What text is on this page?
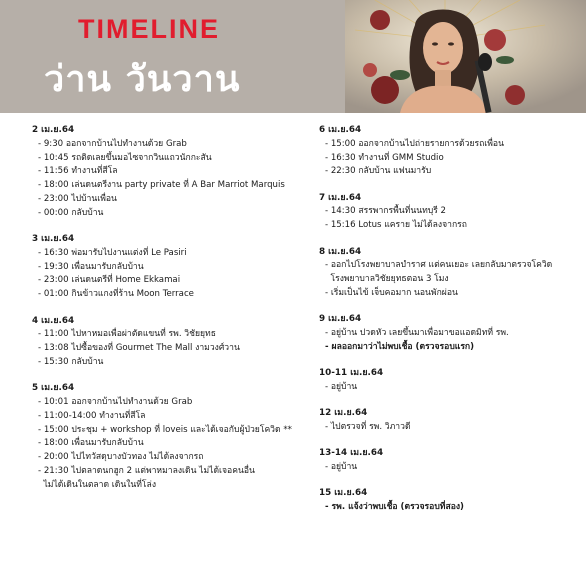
TIMELINE
ว่าน วันวาน
2 เม.ย.64
- 9:30 ออกจากบ้านไปทำงานด้วย Grab
- 10:45 รถติดเลยขึ้นมอไซจากวินแถวนักกะสัน
- 11:56 ทำงานที่สีโล
- 18:00 เล่นดนตรีงาน party private ที่ A Bar Marriot Marquis
- 23:00 ไปบ้านเพื่อน
- 00:00 กลับบ้าน
3 เม.ย.64
- 16:30 พ่อมารับไปงานแต่งที่ Le Pasiri
- 19:30 เพื่อนมารับกลับบ้าน
- 23:00 เล่นดนตรีที่ Home Ekkamai
- 01:00 กินข้าวแกงที่ร้าน Moon Terrace
4 เม.ย.64
- 11:00 ไปหาหมอเพื่อผ่าตัดแขนที่ รพ. วิชัยยุทธ
- 13:08 ไปซื้อของที่ Gourmet The Mall งามวงศ์วาน
- 15:30 กลับบ้าน
5 เม.ย.64
- 10:01 ออกจากบ้านไปทำงานด้วย Grab
- 11:00-14:00 ทำงานที่สีโล
- 15:00 ประชุม + workshop ที่ loveis และได้เจอกับผู้ป่วยโควิด **
- 18:00 เพื่อนมารับกลับบ้าน
- 20:00 ไปไทวัสดุบางบัวทอง ไม่ได้ลงจากรถ
- 21:30 ไปตลาดนกฮูก 2 แต่พาหมาลงเดิน ไม่ได้เจอคนอื่น
ไม่ได้เดินในตลาด เดินในที่โล่ง
6 เม.ย.64
- 15:00 ออกจากบ้านไปถ่ายรายการด้วยรถเพื่อน
- 16:30 ทำงานที่ GMM Studio
- 22:30 กลับบ้าน แฟนมารับ
7 เม.ย.64
- 14:30 สรรพากรพื้นที่นนทบุรี 2
- 15:16 Lotus แคราย ไม่ได้ลงจากรถ
8 เม.ย.64
- ออกไปโรงพยาบาลบำราศ แต่คนเยอะ เลยกลับมาตรวจโควิด
โรงพยาบาลวิชัยยุทธตอน 3 โมง
- เริ่มเป็นไข้ เจ็บคอมาก นอนพักผ่อน
9 เม.ย.64
- อยู่บ้าน ปวดหัว เลยขึ้นมาเพื่อมาขอแอดมิทที่ รพ.
- ผลออกมาว่าไม่พบเชื้อ (ตรวจรอบแรก)
10-11 เม.ย.64
- อยู่บ้าน
12 เม.ย.64
- ไปตรวจที่ รพ. วิภาวดี
13-14 เม.ย.64
- อยู่บ้าน
15 เม.ย.64
- รพ. แจ้งว่าพบเชื้อ (ตรวจรอบที่สอง)
